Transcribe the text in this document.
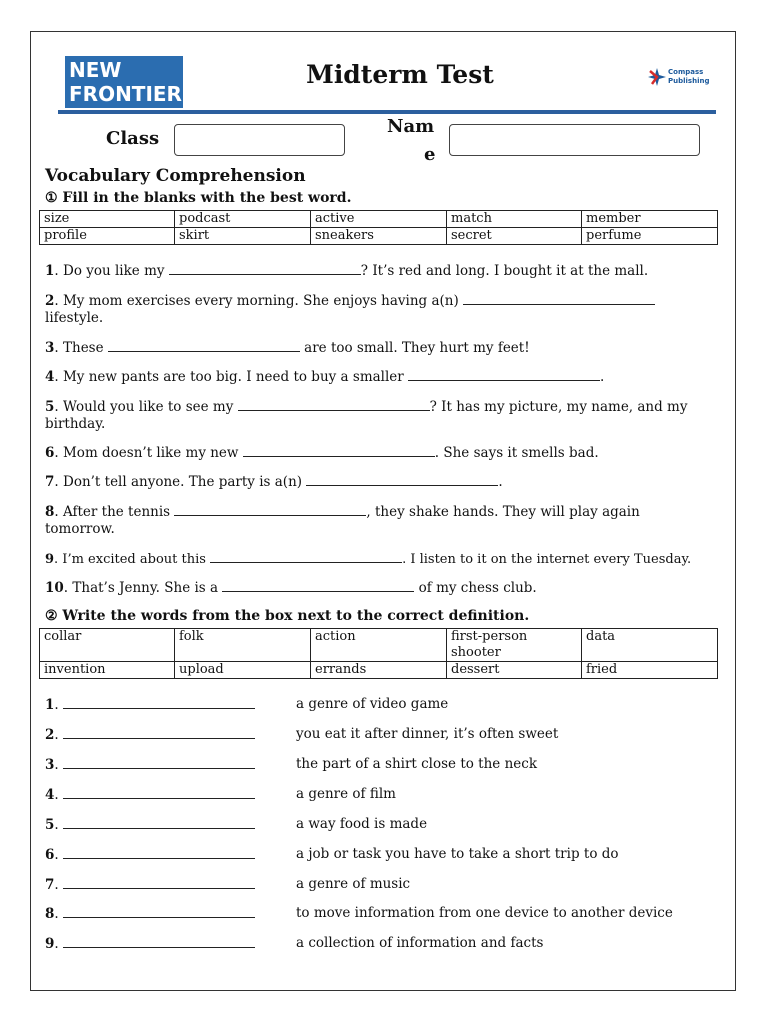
NEW
FRONTIERS
Midterm Test	Compass
Publishing
Class
Nam
e
Vocabulary Comprehension
① Fill in the blanks with the best word.
size	podcast	active	match	member
profile	skirt	sneakers	secret	perfume
1. Do you like my	? It’s red and long. I bought it at the mall.
2. My mom exercises every morning. She enjoys having a(n)  lifestyle.
3. These	are too small. They hurt my feet!
4. My new pants are too big. I need to buy a smaller	.
5. Would you like to see my	? It has my picture, my name, and my birthday.
6. Mom doesn’t like my new	. She says it smells bad.
7. Don’t tell anyone. The party is a(n)	.
8. After the tennis	, they shake hands. They will play again tomorrow.
9. I’m excited about this	. I listen to it on the internet every Tuesday.
10. That’s Jenny. She is a	of my chess club.
② Write the words from the box next to the correct definition.
collar	folk	action	first-person shooter	data
invention	upload	errands	dessert	fried
1.	a genre of video game
2.	you eat it after dinner, it’s often sweet
3.	the part of a shirt close to the neck
4.	a genre of film
5.	a way food is made
6.	a job or task you have to take a short trip to do
7.	a genre of music
8.	to move information from one device to another device
9.	a collection of information and facts
